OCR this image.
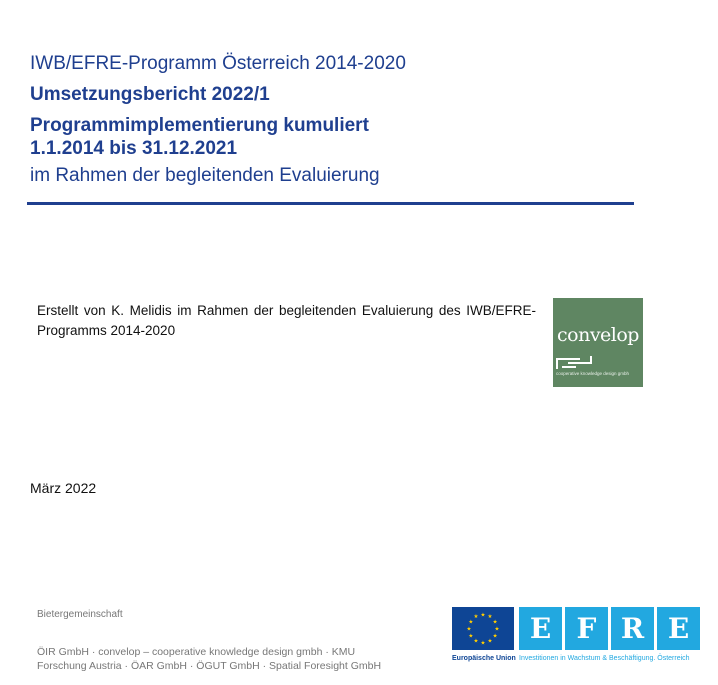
IWB/EFRE-Programm Österreich 2014-2020
Umsetzungsbericht 2022/1
Programmimplementierung kumuliert
1.1.2014 bis 31.12.2021
im Rahmen der begleitenden Evaluierung
Erstellt von K. Melidis im Rahmen der begleitenden Evaluierung des IWB/EFRE-Programms 2014-2020	convelop
cooperative knowledge design gmbh
März 2022
Bietergemeinschaft
ÖIR GmbH · convelop – cooperative knowledge design gmbh · KMU
Forschung Austria · ÖAR GmbH · ÖGUT GmbH · Spatial Foresight GmbH
★ ★
★
★
★
★
★
★
★
★
★
★
Europäische Union
E F R E
Investitionen in Wachstum & Beschäftigung. Österreich
